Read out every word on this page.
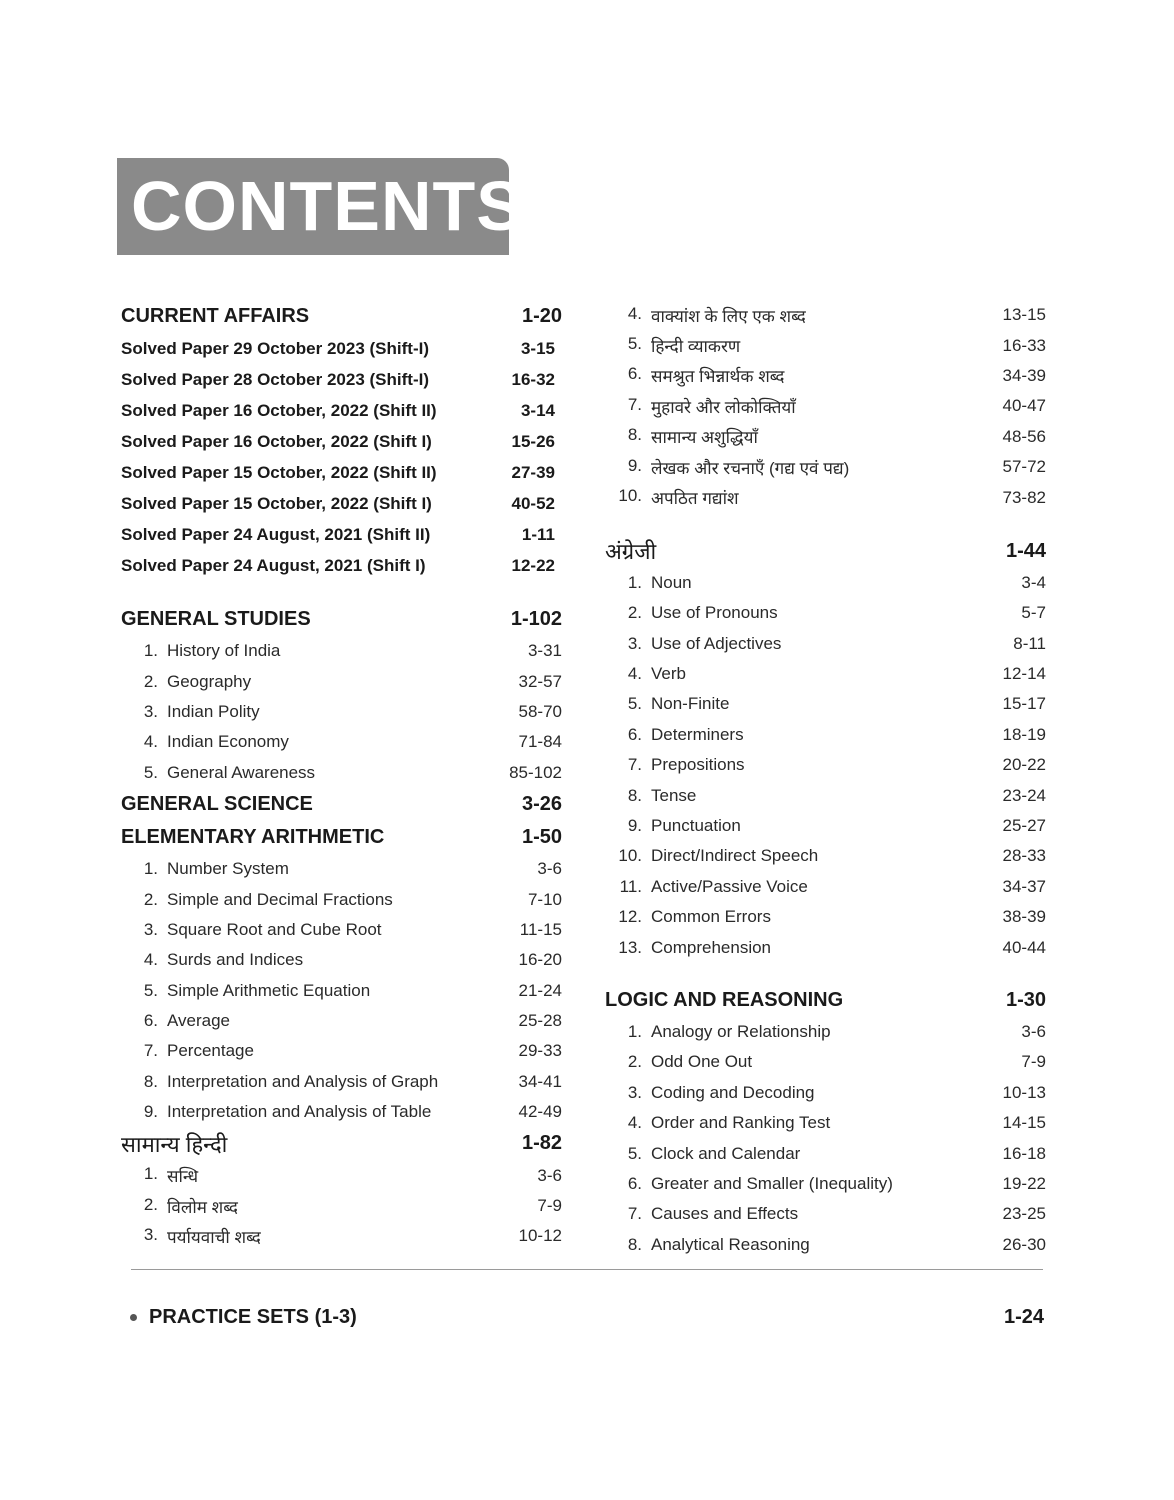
CONTENTS
CURRENT AFFAIRS	1-20
Solved Paper 29 October 2023 (Shift-I)	3-15
Solved Paper 28 October 2023 (Shift-I)	16-32
Solved Paper 16 October, 2022 (Shift II)	3-14
Solved Paper 16 October, 2022 (Shift I)	15-26
Solved Paper 15 October, 2022 (Shift II)	27-39
Solved Paper 15 October, 2022 (Shift I)	40-52
Solved Paper 24 August, 2021 (Shift II)	1-11
Solved Paper 24 August, 2021 (Shift I)	12-22
GENERAL STUDIES	1-102
1. History of India	3-31
2. Geography	32-57
3. Indian Polity	58-70
4. Indian Economy	71-84
5. General Awareness	85-102
GENERAL SCIENCE	3-26
ELEMENTARY ARITHMETIC	1-50
1. Number System	3-6
2. Simple and Decimal Fractions	7-10
3. Square Root and Cube Root	11-15
4. Surds and Indices	16-20
5. Simple Arithmetic Equation	21-24
6. Average	25-28
7. Percentage	29-33
8. Interpretation and Analysis of Graph	34-41
9. Interpretation and Analysis of Table	42-49
सामान्य हिन्दी	1-82
1. सन्धि	3-6
2. विलोम शब्द	7-9
3. पर्यायवाची शब्द	10-12
4. वाक्यांश के लिए एक शब्द	13-15
5. हिन्दी व्याकरण	16-33
6. समश्रुत भिन्नार्थक शब्द	34-39
7. मुहावरे और लोकोक्तियाँ	40-47
8. सामान्य अशुद्धियाँ	48-56
9. लेखक और रचनाएँ (गद्य एवं पद्य)	57-72
10. अपठित गद्यांश	73-82
अंग्रेजी	1-44
1. Noun	3-4
2. Use of Pronouns	5-7
3. Use of Adjectives	8-11
4. Verb	12-14
5. Non-Finite	15-17
6. Determiners	18-19
7. Prepositions	20-22
8. Tense	23-24
9. Punctuation	25-27
10. Direct/Indirect Speech	28-33
11. Active/Passive Voice	34-37
12. Common Errors	38-39
13. Comprehension	40-44
LOGIC AND REASONING	1-30
1. Analogy or Relationship	3-6
2. Odd One Out	7-9
3. Coding and Decoding	10-13
4. Order and Ranking Test	14-15
5. Clock and Calendar	16-18
6. Greater and Smaller (Inequality)	19-22
7. Causes and Effects	23-25
8. Analytical Reasoning	26-30
PRACTICE SETS (1-3)	1-24
